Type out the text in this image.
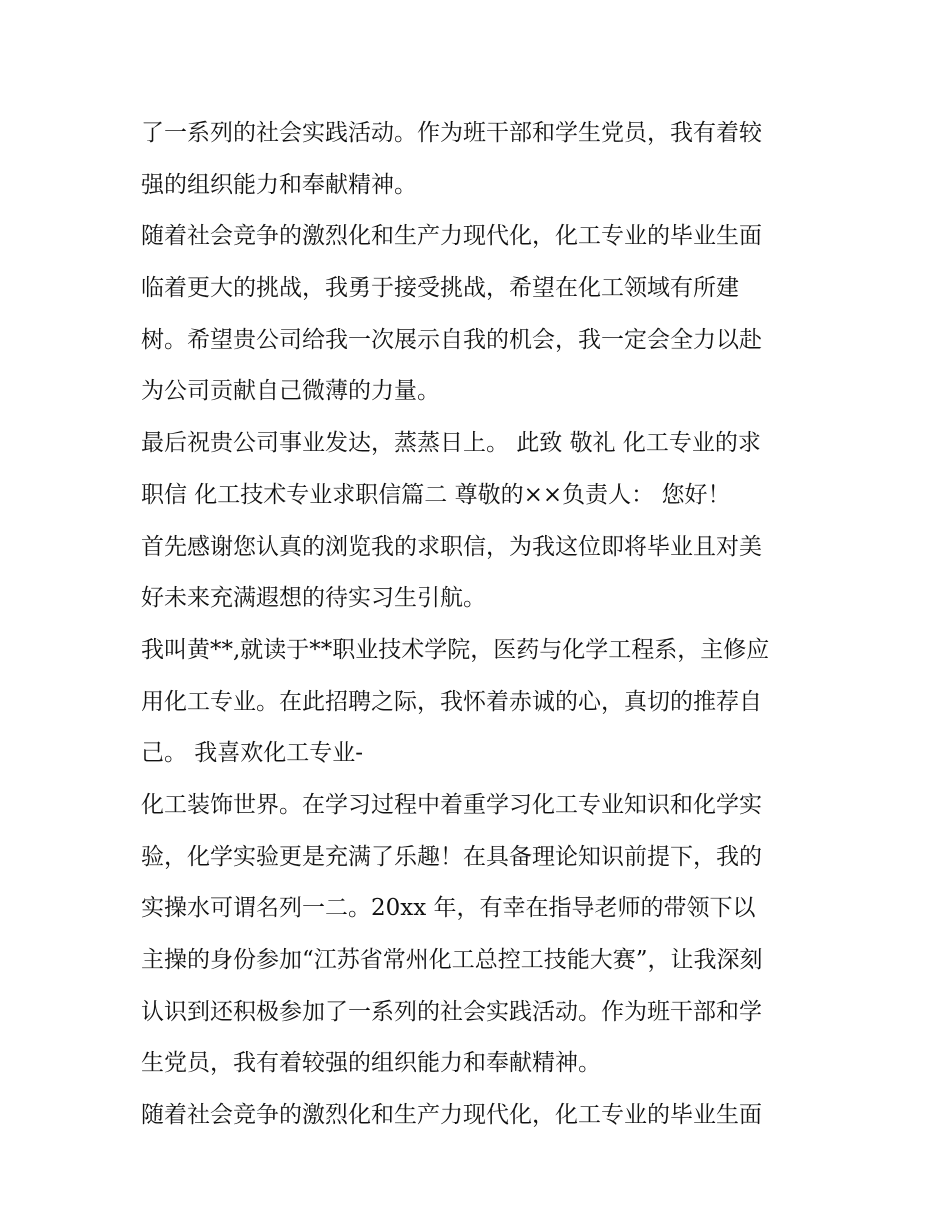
了一系列的社会实践活动。作为班干部和学生党员，我有着较
强的组织能力和奉献精神。
随着社会竞争的激烈化和生产力现代化，化工专业的毕业生面
临着更大的挑战，我勇于接受挑战，希望在化工领域有所建
树。希望贵公司给我一次展示自我的机会，我一定会全力以赴
为公司贡献自己微薄的力量。
最后祝贵公司事业发达，蒸蒸日上。 此致 敬礼 化工专业的求
职信 化工技术专业求职信篇二 尊敬的××负责人： 您好！
首先感谢您认真的浏览我的求职信，为我这位即将毕业且对美
好未来充满遐想的待实习生引航。
我叫黄**,就读于**职业技术学院，医药与化学工程系，主修应
用化工专业。在此招聘之际，我怀着赤诚的心，真切的推荐自
己。 我喜欢化工专业-
化工装饰世界。在学习过程中着重学习化工专业知识和化学实
验，化学实验更是充满了乐趣！在具备理论知识前提下，我的
实操水可谓名列一二。20xx 年，有幸在指导老师的带领下以
主操的身份参加“江苏省常州化工总控工技能大赛”，让我深刻
认识到还积极参加了一系列的社会实践活动。作为班干部和学
生党员，我有着较强的组织能力和奉献精神。
随着社会竞争的激烈化和生产力现代化，化工专业的毕业生面
